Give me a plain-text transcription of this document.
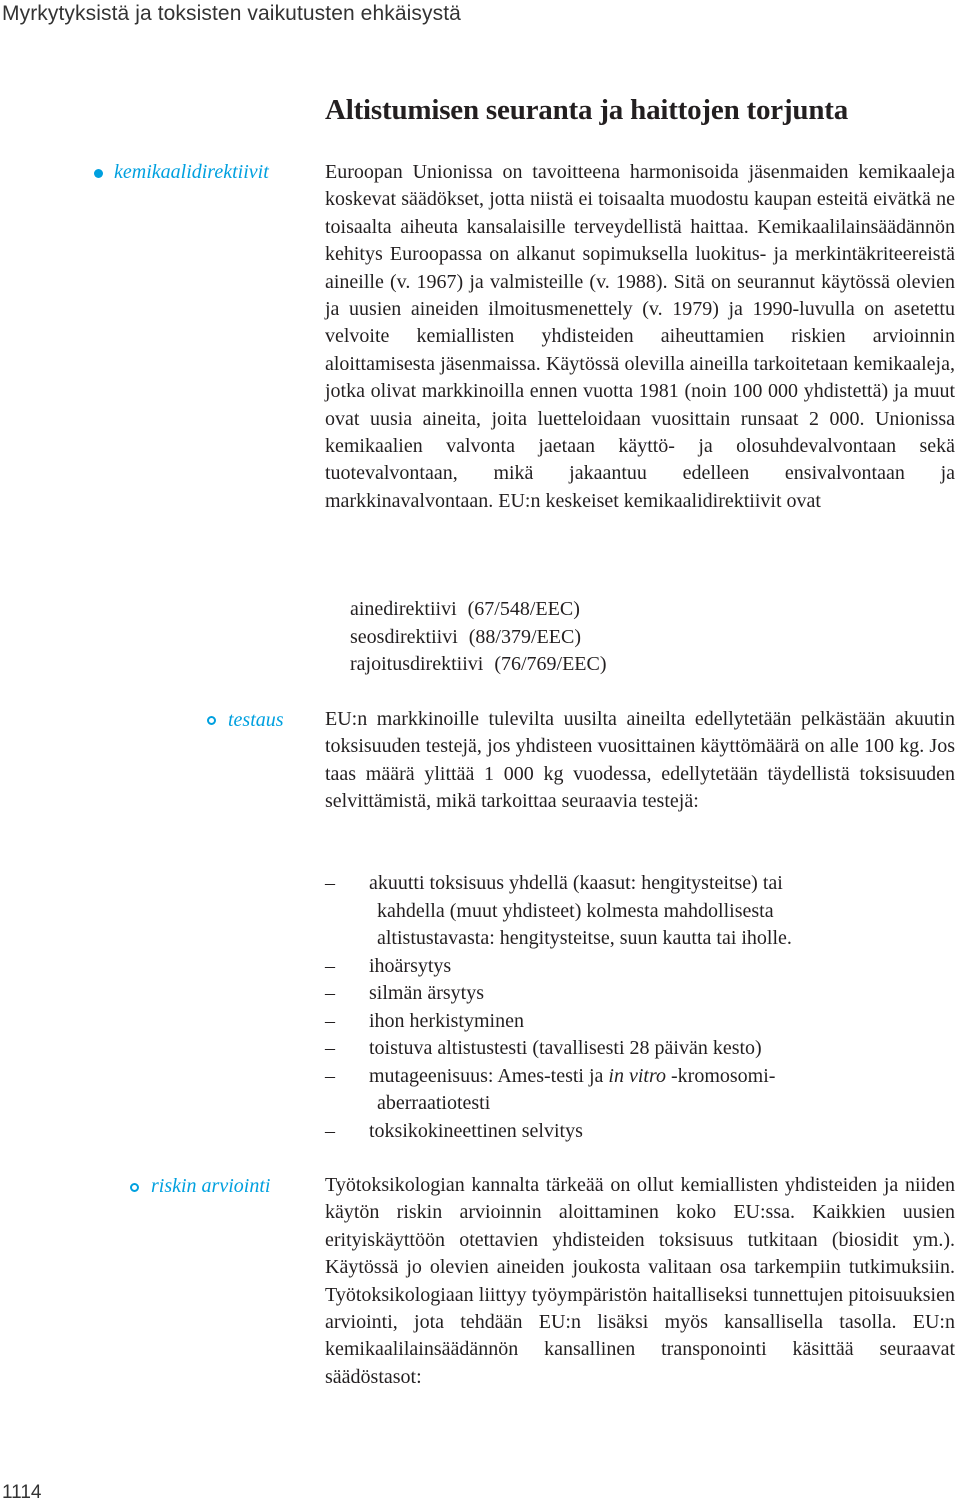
Myrkytyksistä ja toksisten vaikutusten ehkäisystä
Altistumisen seuranta ja haittojen torjunta
kemikaalidirektiivit	Euroopan Unionissa on tavoitteena harmonisoida jäsenmaiden kemikaaleja koskevat säädökset, jotta niistä ei toisaalta muodostu kaupan esteitä eivätkä ne toisaalta aiheuta kansalaisille terveydellistä haittaa. Kemikaalilainsäädännön kehitys Euroopassa on alkanut sopimuksella luokitus- ja merkintäkriteereistä aineille (v. 1967) ja valmisteille (v. 1988). Sitä on seurannut käytössä olevien ja uusien aineiden ilmoitusmenettely (v. 1979) ja 1990-luvulla on asetettu velvoite kemiallisten yhdisteiden aiheuttamien riskien arvioinnin aloittamisesta jäsenmaissa. Käytössä olevilla aineilla tarkoitetaan kemikaaleja, jotka olivat markkinoilla ennen vuotta 1981 (noin 100 000 yhdistettä) ja muut ovat uusia aineita, joita luetteloidaan vuosittain runsaat 2 000. Unionissa kemikaalien valvonta jaetaan käyttö- ja olosuhdevalvontaan sekä tuotevalvontaan, mikä jakaantuu edelleen ensivalvontaan ja markkinavalvontaan. EU:n keskeiset kemikaalidirektiivit ovat

ainedirektiivi (67/548/EEC)
seosdirektiivi (88/379/EEC)
rajoitusdirektiivi (76/769/EEC)
testaus EU:n markkinoille tulevilta uusilta aineilta edellytetään pelkästään akuutin toksisuuden testejä, jos yhdisteen vuosittainen käyttömäärä on alle 100 kg. Jos taas määrä ylittää 1 000 kg vuodessa, edellytetään täydellistä toksisuuden selvittämistä, mikä tarkoittaa seuraavia testejä:

–	akuutti toksisuus yhdellä (kaasut: hengitysteitse) tai
kahdella (muut yhdisteet) kolmesta mahdollisesta
altistustavasta: hengitysteitse, suun kautta tai iholle.
–	ihoärsytys
–	silmän ärsytys
–	ihon herkistyminen
–	toistuva altistustesti (tavallisesti 28 päivän kesto)
–	mutageenisuus: Ames-testi ja in vitro -kromosomi-
aberraatiotesti
–	toksikokineettinen selvitys
riskin arviointi	Työtoksikologian kannalta tärkeää on ollut kemiallisten yhdisteiden ja niiden käytön riskin arvioinnin aloittaminen koko EU:ssa. Kaikkien uusien erityiskäyttöön otettavien yhdisteiden toksisuus tutkitaan (biosidit ym.). Käytössä jo olevien aineiden joukosta valitaan osa tarkempiin tutkimuksiin. Työtoksikologiaan liittyy työympäristön haitalliseksi tunnettujen pitoisuuksien arviointi, jota tehdään EU:n lisäksi myös kansallisella tasolla. EU:n kemikaalilainsäädännön kansallinen transponointi käsittää seuraavat säädöstasot:

1114
